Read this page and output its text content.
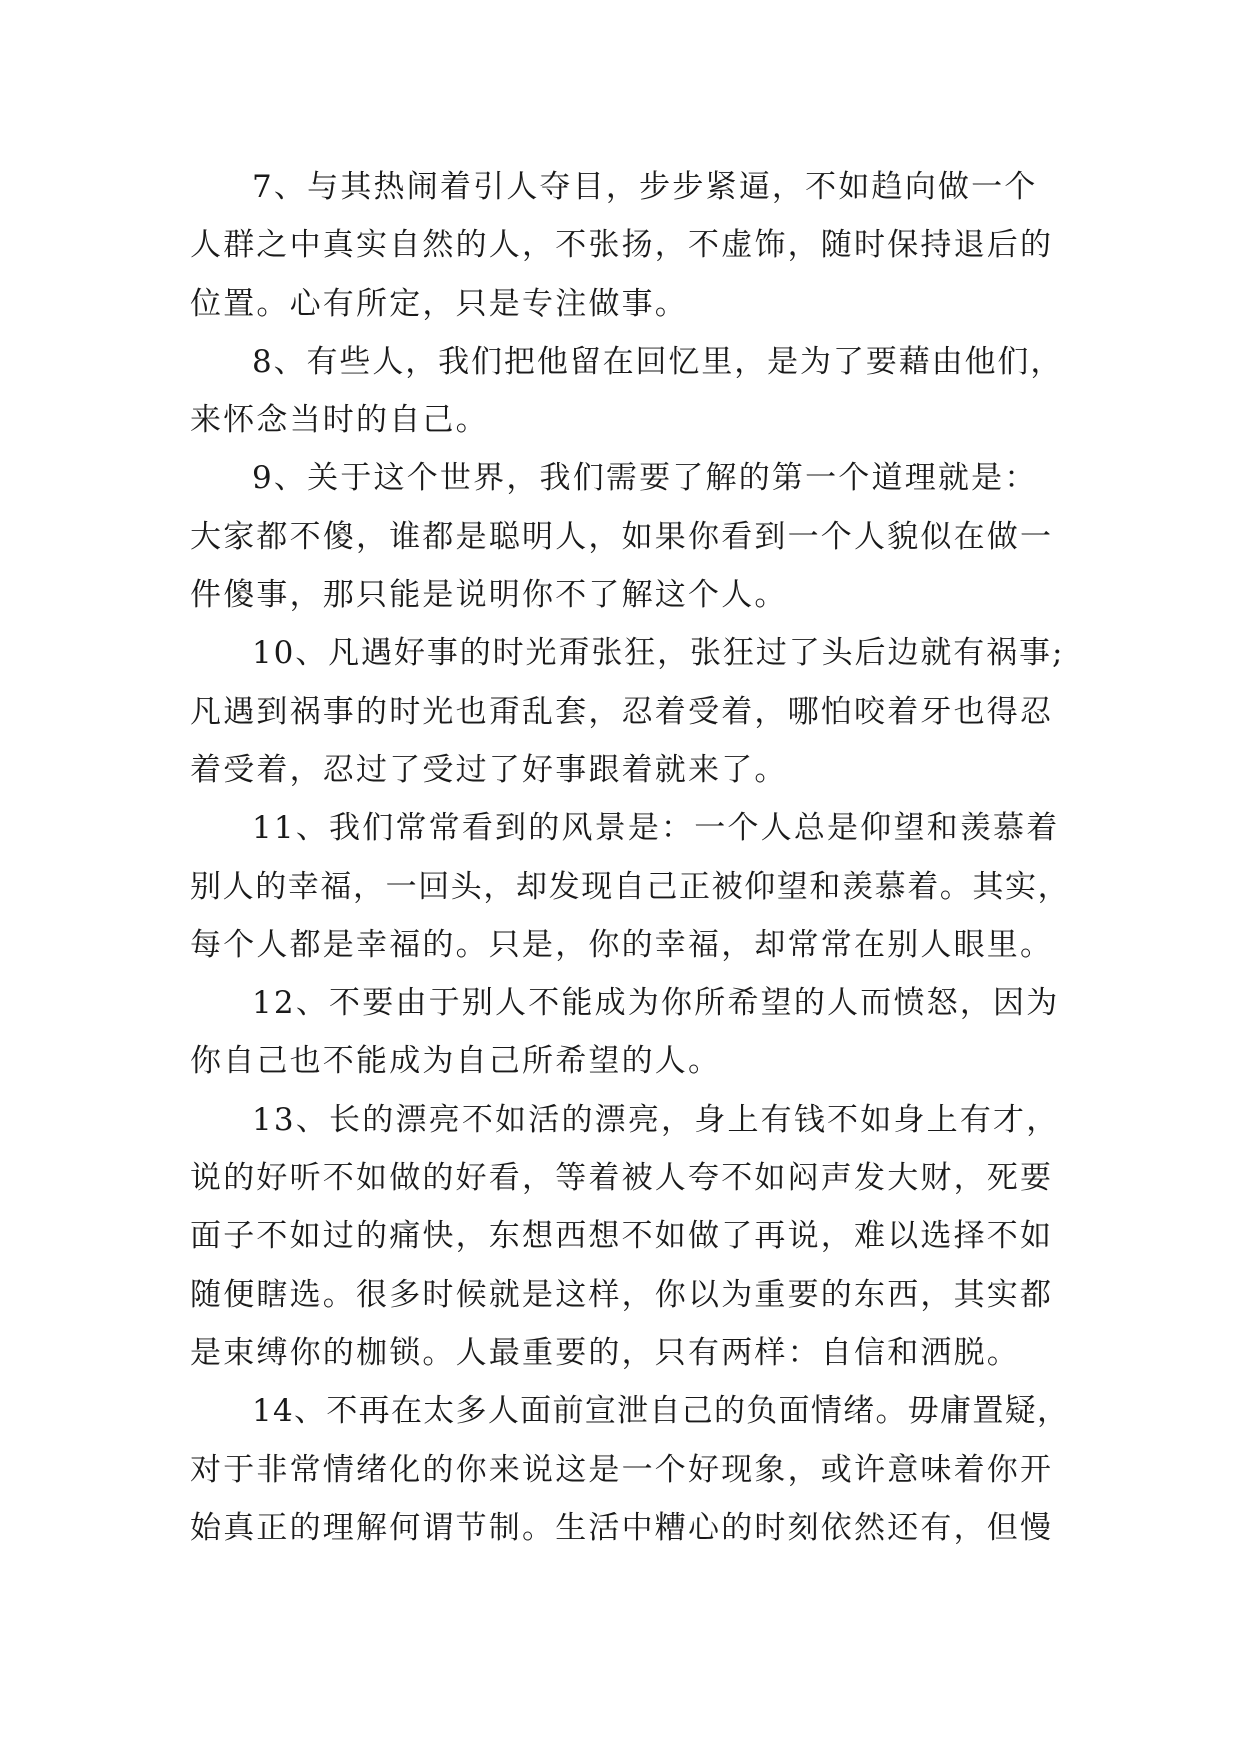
7、与其热闹着引人夺目，步步紧逼，不如趋向做一个
人群之中真实自然的人，不张扬，不虚饰，随时保持退后的
位置。心有所定，只是专注做事。
8、有些人，我们把他留在回忆里，是为了要藉由他们，
来怀念当时的自己。
9、关于这个世界，我们需要了解的第一个道理就是：
大家都不傻，谁都是聪明人，如果你看到一个人貌似在做一
件傻事，那只能是说明你不了解这个人。
10、凡遇好事的时光甭张狂，张狂过了头后边就有祸事;
凡遇到祸事的时光也甭乱套，忍着受着，哪怕咬着牙也得忍
着受着，忍过了受过了好事跟着就来了。
11、我们常常看到的风景是：一个人总是仰望和羡慕着
别人的幸福，一回头，却发现自己正被仰望和羡慕着。其实，
每个人都是幸福的。只是，你的幸福，却常常在别人眼里。
12、不要由于别人不能成为你所希望的人而愤怒，因为
你自己也不能成为自己所希望的人。
13、长的漂亮不如活的漂亮，身上有钱不如身上有才，
说的好听不如做的好看，等着被人夸不如闷声发大财，死要
面子不如过的痛快，东想西想不如做了再说，难以选择不如
随便瞎选。很多时候就是这样，你以为重要的东西，其实都
是束缚你的枷锁。人最重要的，只有两样：自信和洒脱。
14、不再在太多人面前宣泄自己的负面情绪。毋庸置疑，
对于非常情绪化的你来说这是一个好现象，或许意味着你开
始真正的理解何谓节制。生活中糟心的时刻依然还有，但慢
